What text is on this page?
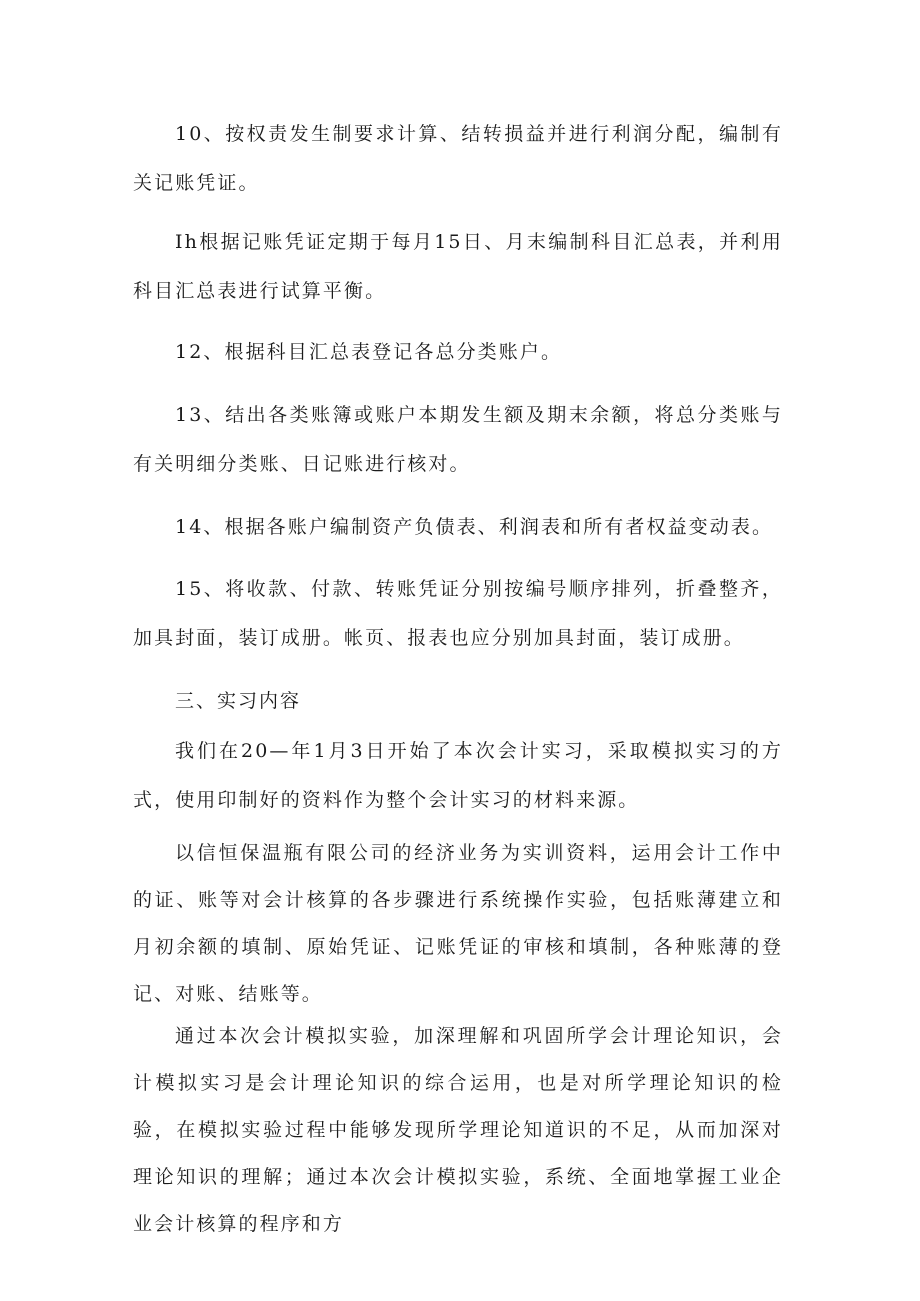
10、按权责发生制要求计算、结转损益并进行利润分配，编制有关记账凭证。

Ih根据记账凭证定期于每月15日、月末编制科目汇总表，并利用科目汇总表进行试算平衡。

12、根据科目汇总表登记各总分类账户。

13、结出各类账簿或账户本期发生额及期末余额，将总分类账与有关明细分类账、日记账进行核对。

14、根据各账户编制资产负债表、利润表和所有者权益变动表。

15、将收款、付款、转账凭证分别按编号顺序排列，折叠整齐，加具封面，装订成册。帐页、报表也应分别加具封面，装订成册。

三、实习内容

我们在20—年1月3日开始了本次会计实习，采取模拟实习的方式，使用印制好的资料作为整个会计实习的材料来源。

以信恒保温瓶有限公司的经济业务为实训资料，运用会计工作中的证、账等对会计核算的各步骤进行系统操作实验，包括账薄建立和月初余额的填制、原始凭证、记账凭证的审核和填制，各种账薄的登记、对账、结账等。

通过本次会计模拟实验，加深理解和巩固所学会计理论知识，会计模拟实习是会计理论知识的综合运用，也是对所学理论知识的检验，在模拟实验过程中能够发现所学理论知道识的不足，从而加深对理论知识的理解；通过本次会计模拟实验，系统、全面地掌握工业企业会计核算的程序和方
